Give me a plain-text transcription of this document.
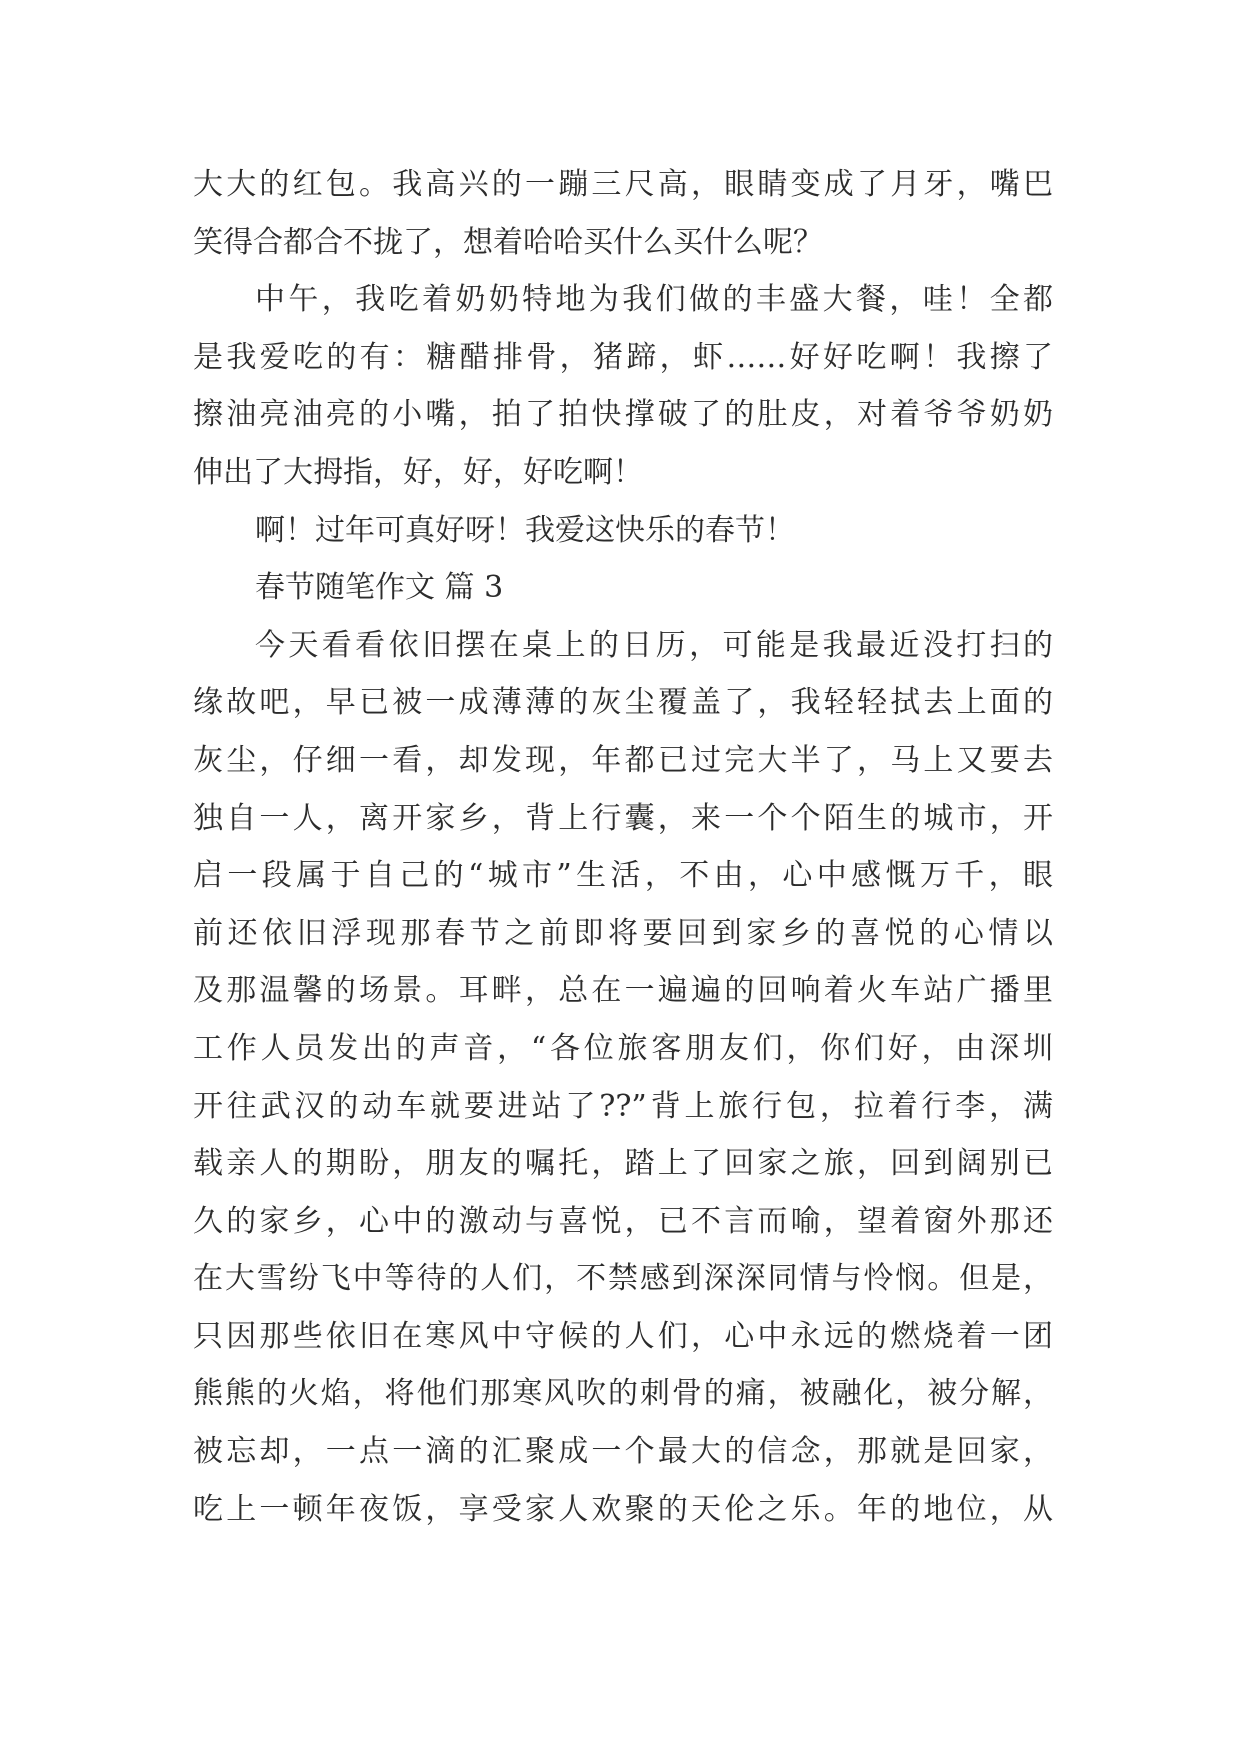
大大的红包。我高兴的一蹦三尺高，眼睛变成了月牙，嘴巴
笑得合都合不拢了，想着哈哈买什么买什么呢？
中午，我吃着奶奶特地为我们做的丰盛大餐，哇！全都
是我爱吃的有：糖醋排骨，猪蹄，虾……好好吃啊！我擦了
擦油亮油亮的小嘴，拍了拍快撑破了的肚皮，对着爷爷奶奶
伸出了大拇指，好，好，好吃啊！
啊！过年可真好呀！我爱这快乐的春节！
春节随笔作文 篇 3
今天看看依旧摆在桌上的日历，可能是我最近没打扫的
缘故吧，早已被一成薄薄的灰尘覆盖了，我轻轻拭去上面的
灰尘，仔细一看，却发现，年都已过完大半了，马上又要去
独自一人，离开家乡，背上行囊，来一个个陌生的城市，开
启一段属于自己的“城市”生活，不由，心中感慨万千，眼
前还依旧浮现那春节之前即将要回到家乡的喜悦的心情以
及那温馨的场景。耳畔，总在一遍遍的回响着火车站广播里
工作人员发出的声音，“各位旅客朋友们，你们好，由深圳
开往武汉的动车就要进站了??”背上旅行包，拉着行李，满
载亲人的期盼，朋友的嘱托，踏上了回家之旅，回到阔别已
久的家乡，心中的激动与喜悦，已不言而喻，望着窗外那还
在大雪纷飞中等待的人们，不禁感到深深同情与怜悯。但是，
只因那些依旧在寒风中守候的人们，心中永远的燃烧着一团
熊熊的火焰，将他们那寒风吹的刺骨的痛，被融化，被分解，
被忘却，一点一滴的汇聚成一个最大的信念，那就是回家，
吃上一顿年夜饭，享受家人欢聚的天伦之乐。年的地位，从
